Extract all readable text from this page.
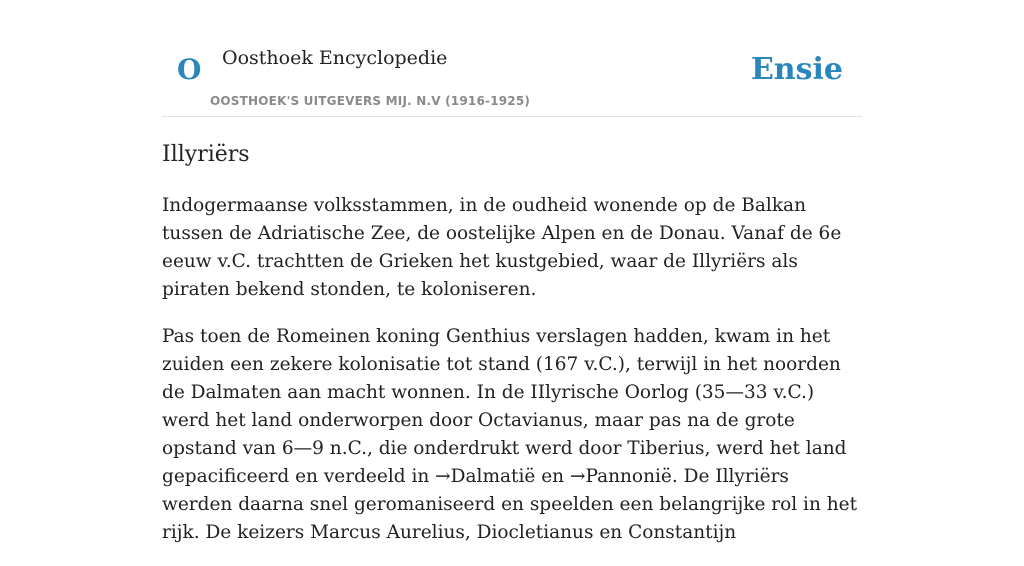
O Oosthoek Encyclopedie
OOSTHOEK'S UITGEVERS MIJ. N.V (1916-1925)
Ensie
Illyriërs

Indogermaanse volksstammen, in de oudheid wonende op de Balkan tussen de Adriatische Zee, de oostelijke Alpen en de Donau. Vanaf de 6e eeuw v.C. trachtten de Grieken het kustgebied, waar de Illyriërs als piraten bekend stonden, te koloniseren.

Pas toen de Romeinen koning Genthius verslagen hadden, kwam in het zuiden een zekere kolonisatie tot stand (167 v.C.), terwijl in het noorden de Dalmaten aan macht wonnen. In de IIlyrische Oorlog (35—33 v.C.) werd het land onderworpen door Octavianus, maar pas na de grote opstand van 6—9 n.C., die onderdrukt werd door Tiberius, werd het land gepacificeerd en verdeeld in →Dalmatië en →Pannonië. De Illyriërs werden daarna snel geromaniseerd en speelden een belangrijke rol in het rijk. De keizers Marcus Aurelius, Diocletianus en Constantijn
